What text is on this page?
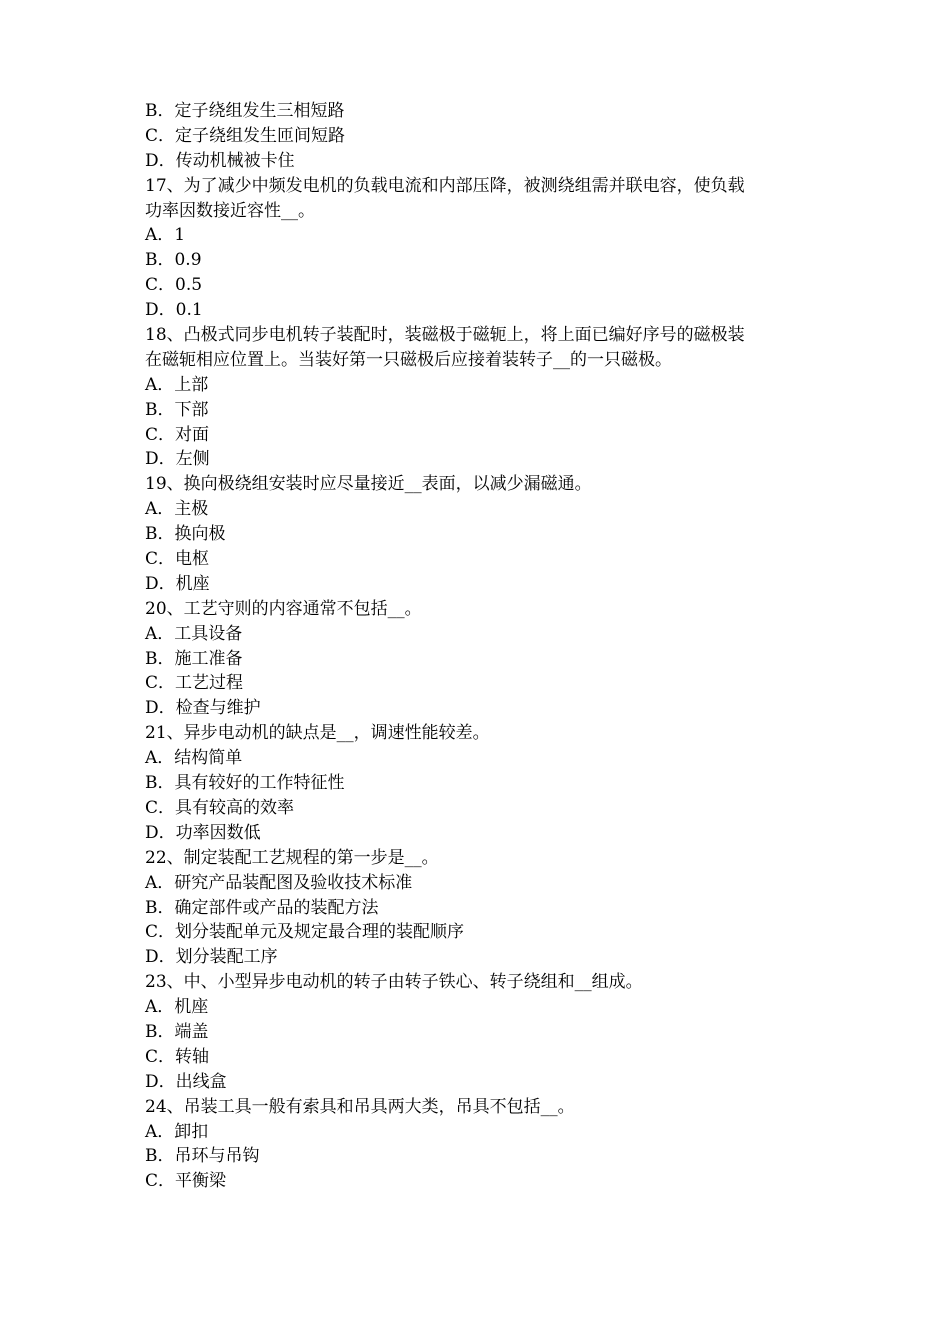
B．定子绕组发生三相短路
C．定子绕组发生匝间短路
D．传动机械被卡住
17、为了减少中频发电机的负载电流和内部压降，被测绕组需并联电容，使负载
功率因数接近容性__。
A．1
B．0.9
C．0.5
D．0.1
18、凸极式同步电机转子装配时，装磁极于磁轭上，将上面已编好序号的磁极装
在磁轭相应位置上。当装好第一只磁极后应接着装转子__的一只磁极。
A．上部
B．下部
C．对面
D．左侧
19、换向极绕组安装时应尽量接近__表面，以减少漏磁通。
A．主极
B．换向极
C．电枢
D．机座
20、工艺守则的内容通常不包括__。
A．工具设备
B．施工准备
C．工艺过程
D．检查与维护
21、异步电动机的缺点是__，调速性能较差。
A．结构简单
B．具有较好的工作特征性
C．具有较高的效率
D．功率因数低
22、制定装配工艺规程的第一步是__。
A．研究产品装配图及验收技术标准
B．确定部件或产品的装配方法
C．划分装配单元及规定最合理的装配顺序
D．划分装配工序
23、中、小型异步电动机的转子由转子铁心、转子绕组和__组成。
A．机座
B．端盖
C．转轴
D．出线盒
24、吊装工具一般有索具和吊具两大类，吊具不包括__。
A．卸扣
B．吊环与吊钩
C．平衡梁
